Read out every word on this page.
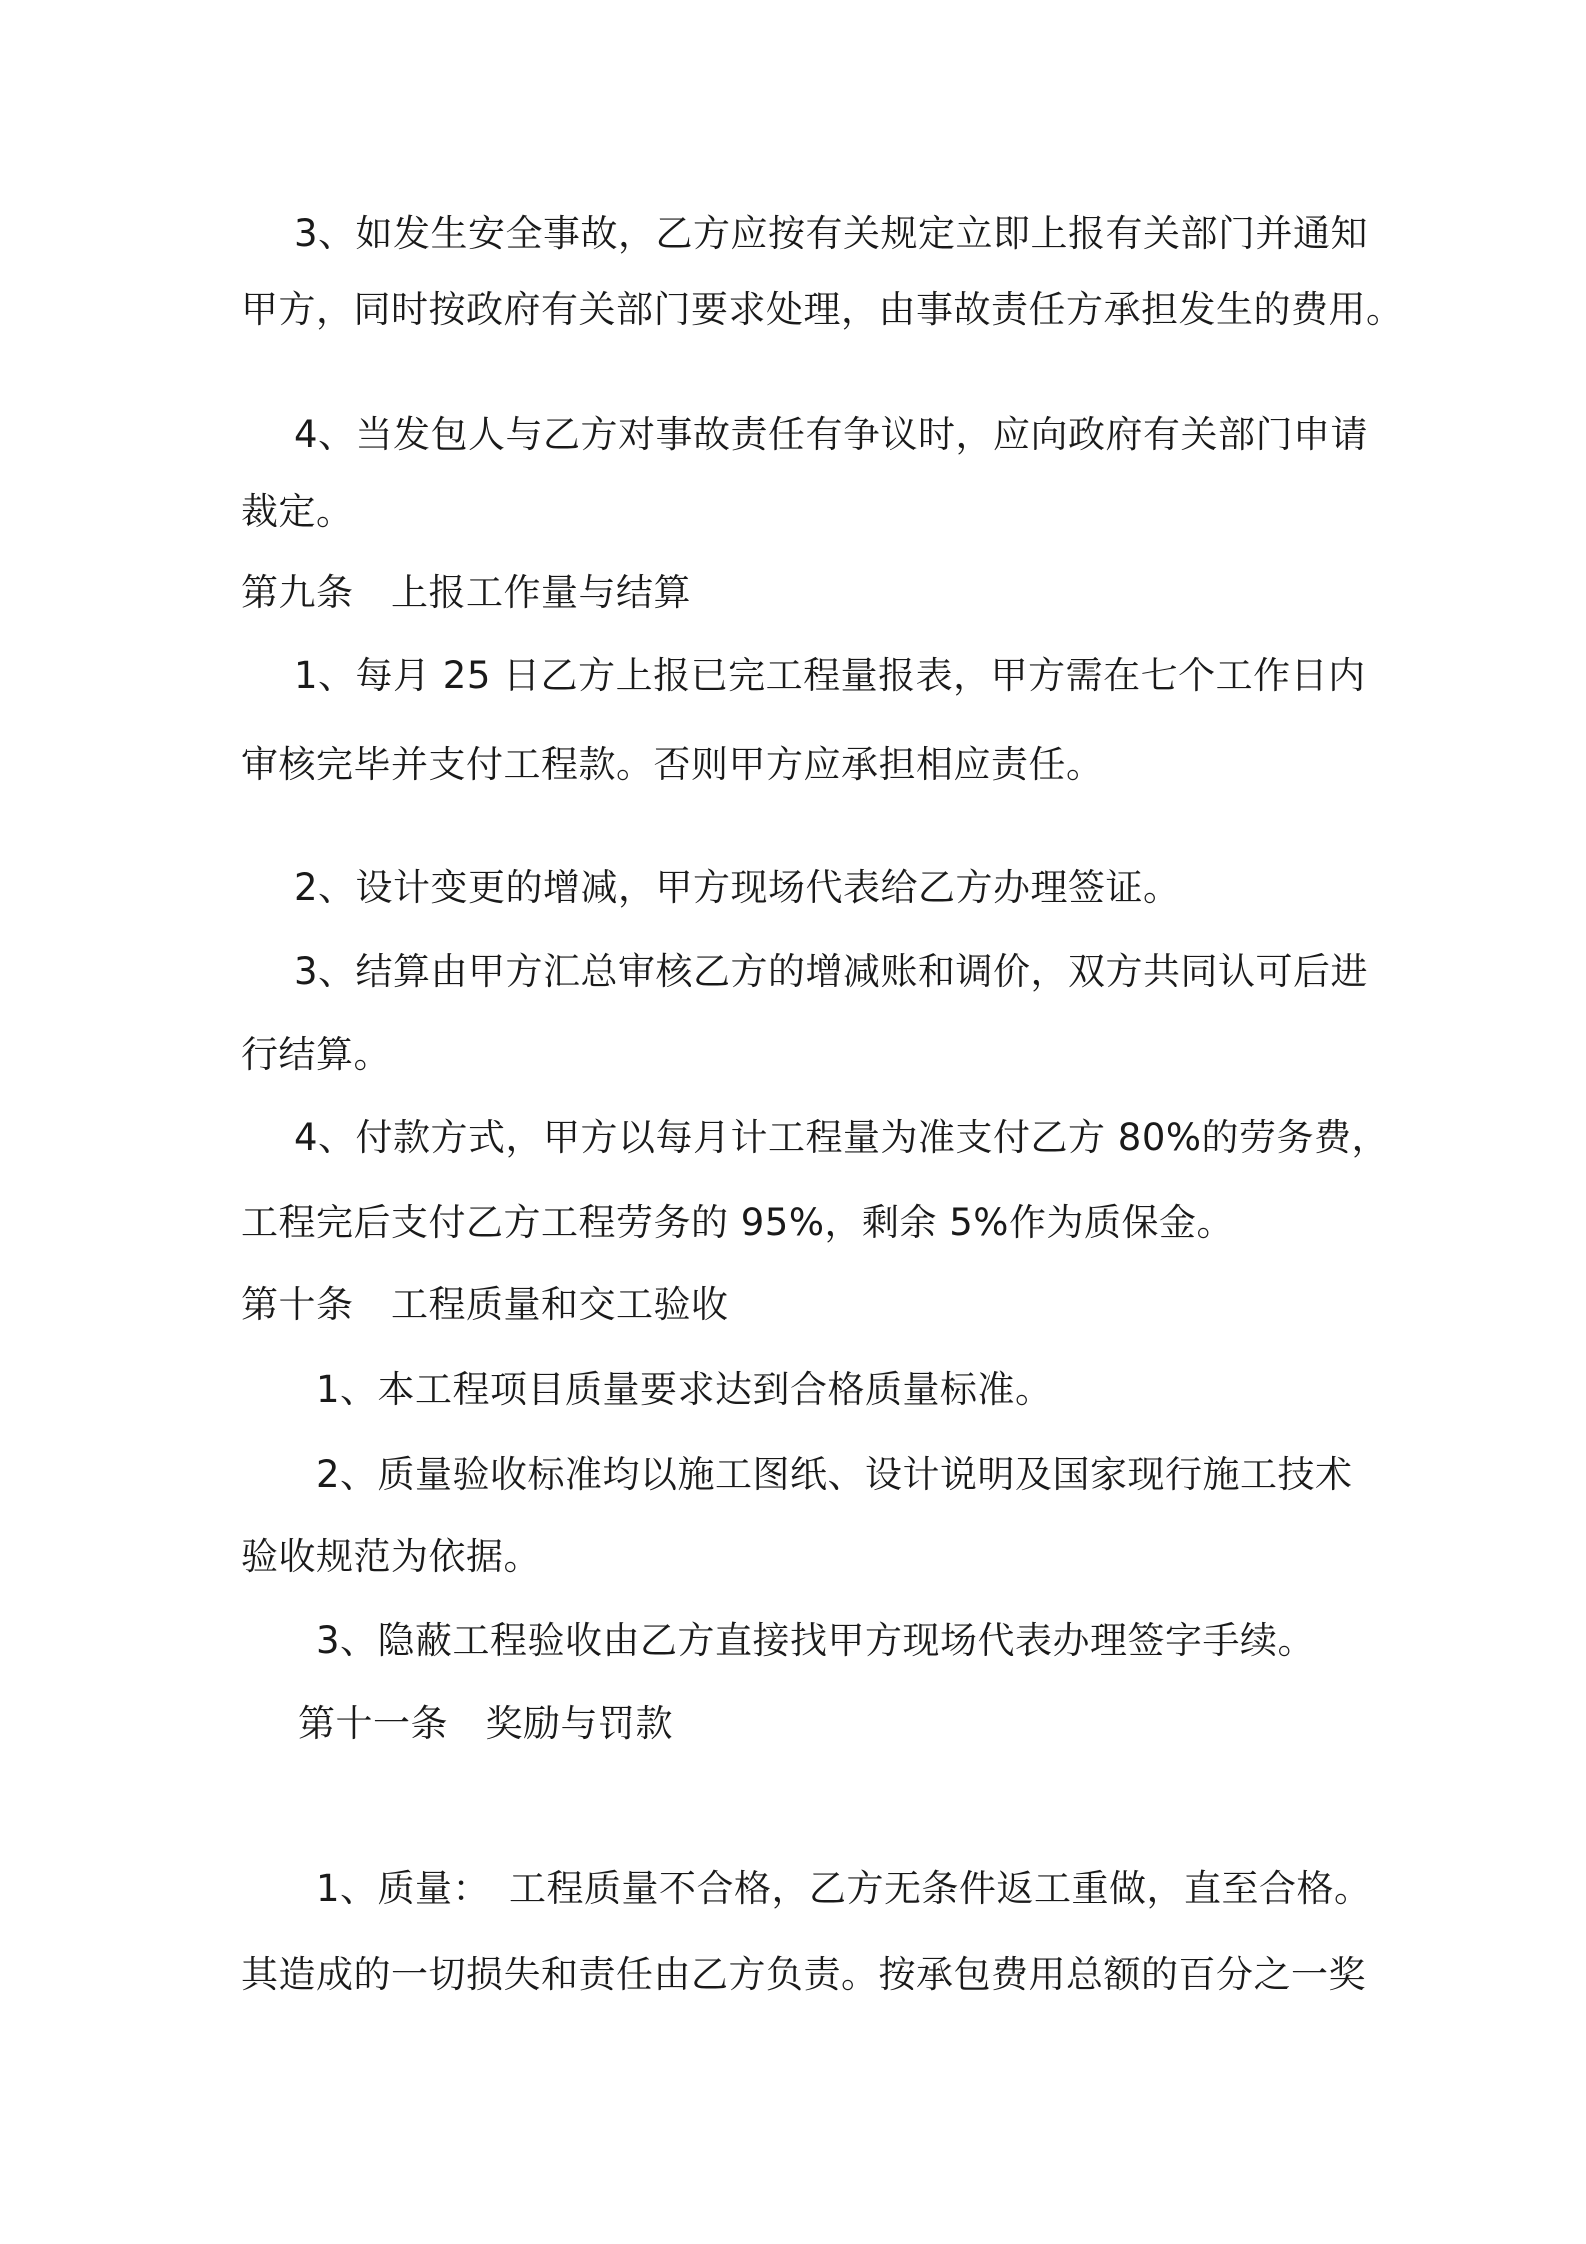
3、如发生安全事故，乙方应按有关规定立即上报有关部门并通知
甲方，同时按政府有关部门要求处理，由事故责任方承担发生的费用。
4、当发包人与乙方对事故责任有争议时，应向政府有关部门申请
裁定。
第九条　上报工作量与结算
1、每月 25 日乙方上报已完工程量报表，甲方需在七个工作日内
审核完毕并支付工程款。否则甲方应承担相应责任。
2、设计变更的增减，甲方现场代表给乙方办理签证。
3、结算由甲方汇总审核乙方的增减账和调价，双方共同认可后进
行结算。
4、付款方式，甲方以每月计工程量为准支付乙方 80%的劳务费，
工程完后支付乙方工程劳务的 95%，剩余 5%作为质保金。
第十条　工程质量和交工验收
1、本工程项目质量要求达到合格质量标准。
2、质量验收标准均以施工图纸、设计说明及国家现行施工技术
验收规范为依据。
3、隐蔽工程验收由乙方直接找甲方现场代表办理签字手续。
第十一条　奖励与罚款
1、质量：　工程质量不合格，乙方无条件返工重做，直至合格。
其造成的一切损失和责任由乙方负责。按承包费用总额的百分之一奖
